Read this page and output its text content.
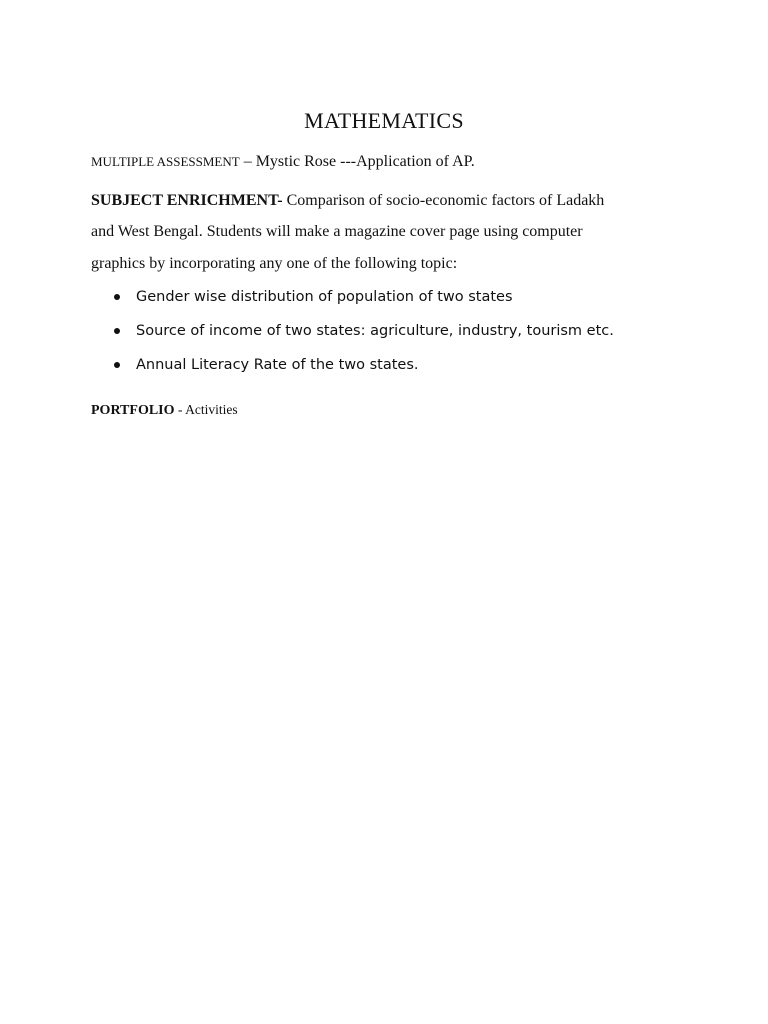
MATHEMATICS
MULTIPLE ASSESSMENT – Mystic Rose ---Application of AP.
SUBJECT ENRICHMENT- Comparison of socio-economic factors of Ladakh
and West Bengal. Students will make a magazine cover page using computer
graphics by incorporating any one of the following topic:
Gender wise distribution of population of two states
Source of income of two states: agriculture, industry, tourism etc.
Annual Literacy Rate of the two states.
PORTFOLIO - Activities
